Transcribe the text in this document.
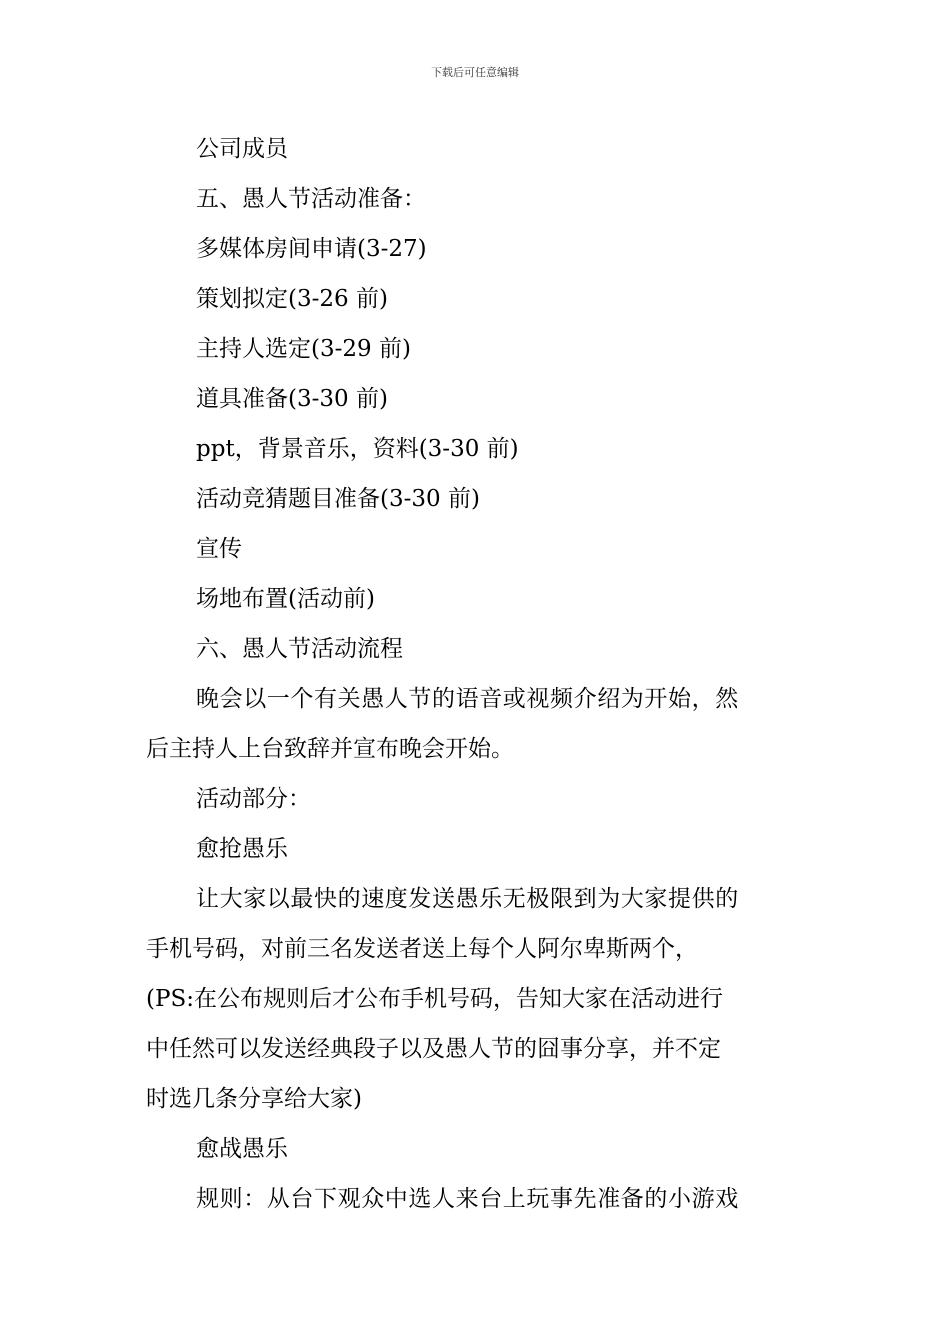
下载后可任意编辑
公司成员
五、愚人节活动准备：
多媒体房间申请(3-27)
策划拟定(3-26 前)
主持人选定(3-29 前)
道具准备(3-30 前)
ppt，背景音乐，资料(3-30 前)
活动竞猜题目准备(3-30 前)
宣传
场地布置(活动前)
六、愚人节活动流程
晚会以一个有关愚人节的语音或视频介绍为开始，然
后主持人上台致辞并宣布晚会开始。
活动部分：
愈抢愚乐
让大家以最快的速度发送愚乐无极限到为大家提供的
手机号码，对前三名发送者送上每个人阿尔卑斯两个，
(PS:在公布规则后才公布手机号码，告知大家在活动进行
中任然可以发送经典段子以及愚人节的囧事分享，并不定
时选几条分享给大家)
愈战愚乐
规则：从台下观众中选人来台上玩事先准备的小游戏
